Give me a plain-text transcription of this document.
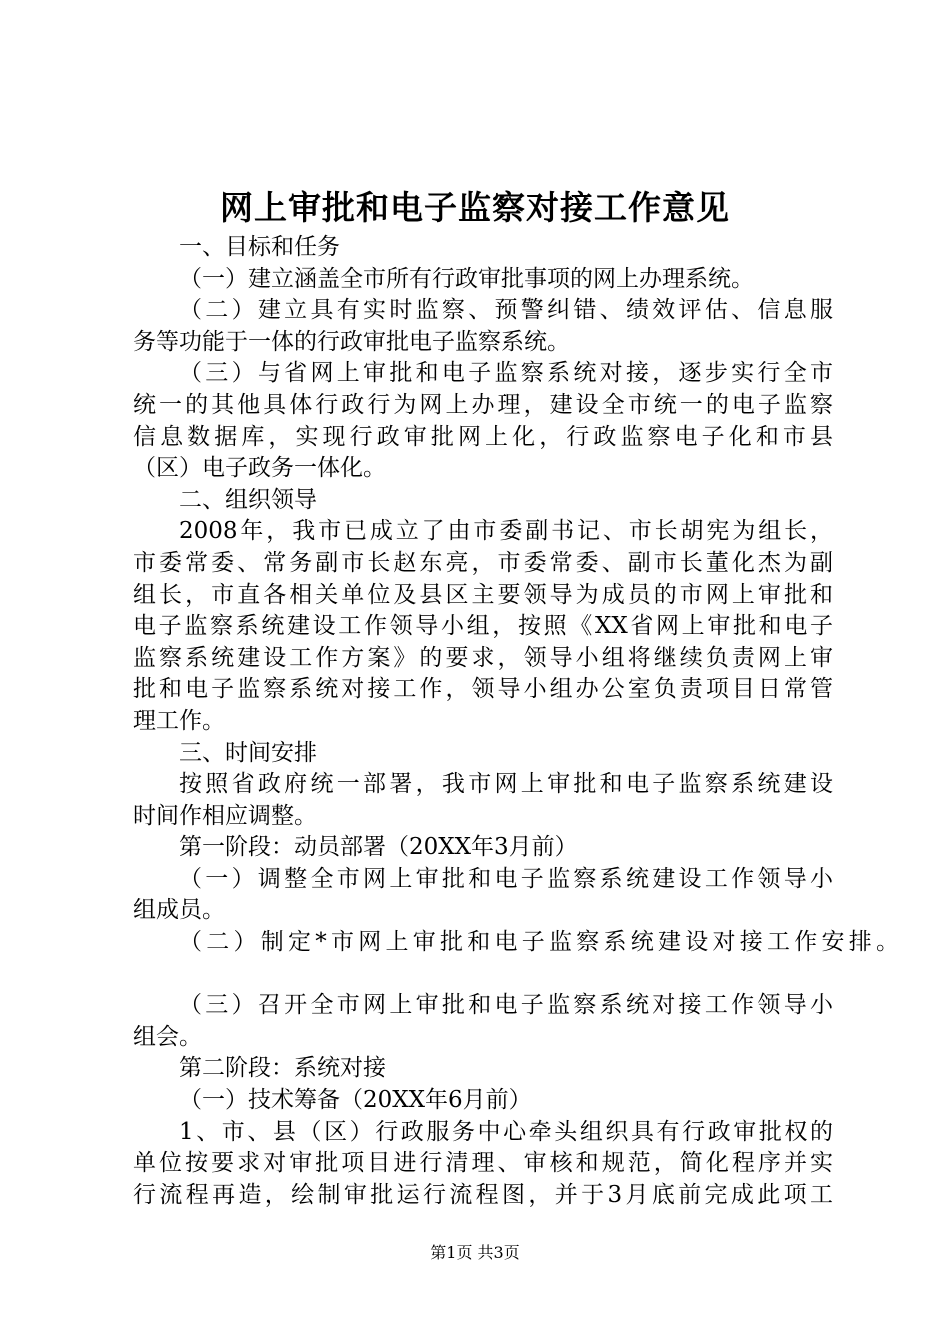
网上审批和电子监察对接工作意见
一、目标和任务
（一）建立涵盖全市所有行政审批事项的网上办理系统。
（二）建立具有实时监察、预警纠错、绩效评估、信息服
务等功能于一体的行政审批电子监察系统。
（三）与省网上审批和电子监察系统对接，逐步实行全市
统一的其他具体行政行为网上办理，建设全市统一的电子监察
信息数据库，实现行政审批网上化，行政监察电子化和市县
（区）电子政务一体化。
二、组织领导
2008年，我市已成立了由市委副书记、市长胡宪为组长，
市委常委、常务副市长赵东亮，市委常委、副市长董化杰为副
组长，市直各相关单位及县区主要领导为成员的市网上审批和
电子监察系统建设工作领导小组，按照《XX省网上审批和电子
监察系统建设工作方案》的要求，领导小组将继续负责网上审
批和电子监察系统对接工作，领导小组办公室负责项目日常管
理工作。
三、时间安排
按照省政府统一部署，我市网上审批和电子监察系统建设
时间作相应调整。
第一阶段：动员部署（20XX年3月前）
（一）调整全市网上审批和电子监察系统建设工作领导小
组成员。
（二）制定*市网上审批和电子监察系统建设对接工作安排。
（三）召开全市网上审批和电子监察系统对接工作领导小
组会。
第二阶段：系统对接
（一）技术筹备（20XX年6月前）
1、市、县（区）行政服务中心牵头组织具有行政审批权的
单位按要求对审批项目进行清理、审核和规范，简化程序并实
行流程再造，绘制审批运行流程图，并于3月底前完成此项工
第1页 共3页
